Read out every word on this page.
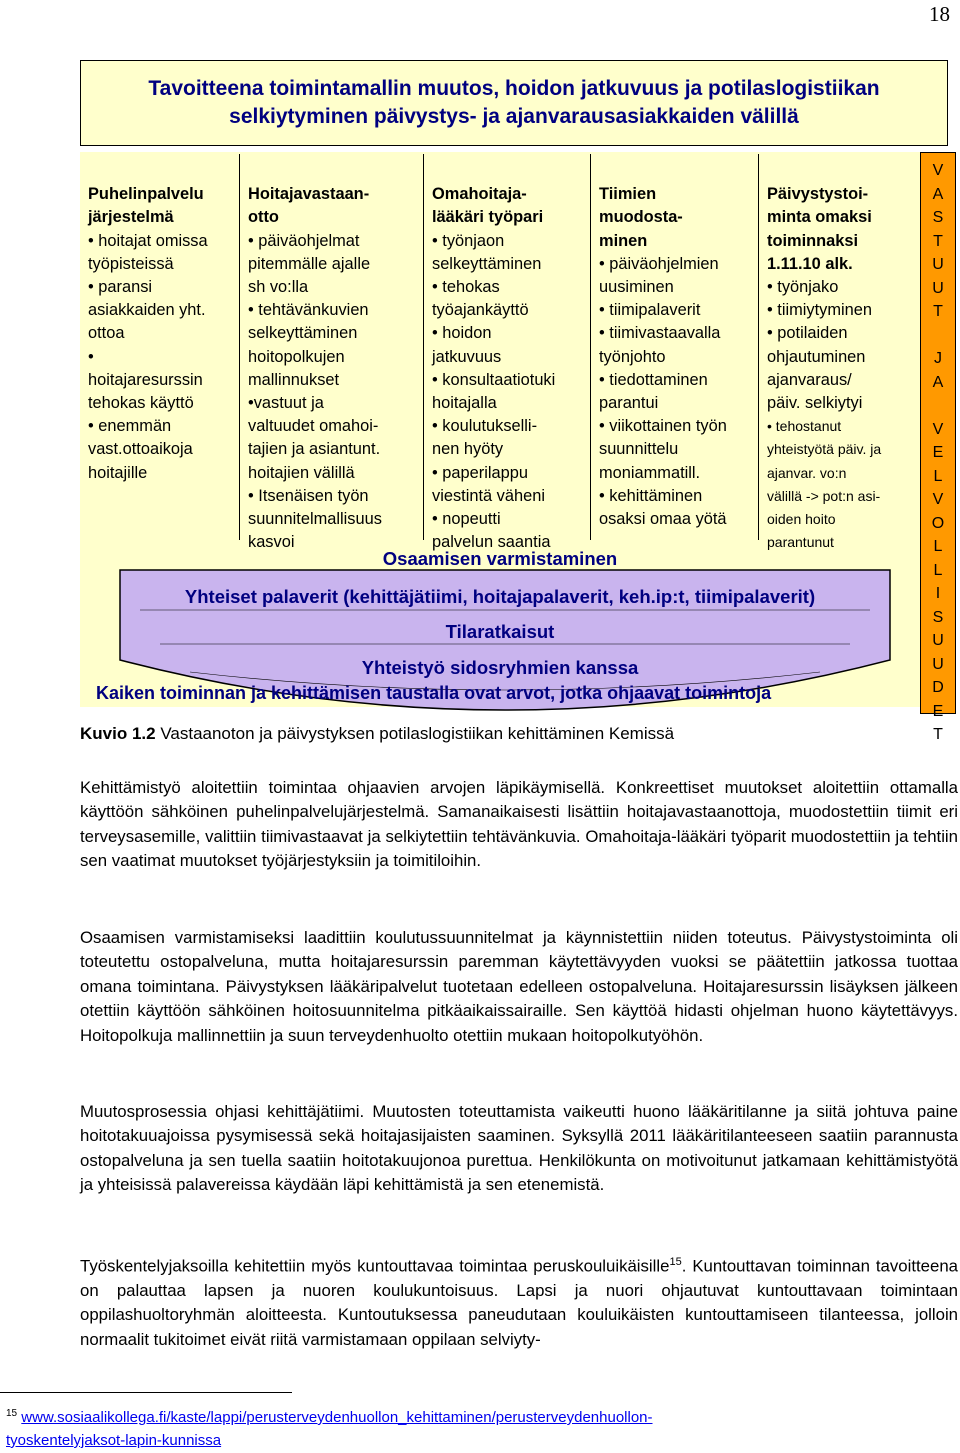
18
Tavoitteena toimintamallin muutos, hoidon jatkuvuus ja potilaslogistiikan
selkiytyminen päivystys- ja ajanvarausasiakkaiden välillä

Puhelinpalvelu
järjestelmä
• hoitajat omissa
työpisteissä
• paransi
asiakkaiden yht.
ottoa
•
hoitajaresurssin
tehokas käyttö
• enemmän
vast.ottoaikoja
hoitajille

Hoitajavastaan-
otto
• päiväohjelmat
pitemmälle ajalle
sh vo:lla
• tehtävänkuvien
selkeyttäminen
hoitopolkujen
mallinnukset
•vastuut ja
valtuudet omahoi-
tajien ja asiantunt.
hoitajien välillä
• Itsenäisen työn
suunnitelmallisuus
kasvoi

Omahoitaja-
lääkäri työpari
• työnjaon
selkeyttäminen
• tehokas
työajankäyttö
• hoidon
jatkuvuus
• konsultaatiotuki
hoitajalla
• koulutukselli-
nen hyöty
• paperilappu
viestintä väheni
• nopeutti
palvelun saantia

Tiimien
muodosta-
minen
• päiväohjelmien
uusiminen
• tiimipalaverit
• tiimivastaavalla
työnjohto
• tiedottaminen
parantui
• viikottainen työn
suunnittelu
moniammatill.
• kehittäminen
osaksi omaa yötä

Päivystystoi-
minta omaksi
toiminnaksi
1.11.10 alk.
• työnjako
• tiimiytyminen
• potilaiden
ohjautuminen
ajanvaraus/
päiv. selkiytyi
• tehostanut
yhteistyötä päiv. ja
ajanvar. vo:n
välillä -> pot:n asi-
oiden hoito
parantunut

Osaamisen varmistaminen
Yhteiset palaverit (kehittäjätiimi, hoitajapalaverit, keh.ip:t, tiimipalaverit)
Tilaratkaisut
Yhteistyö sidosryhmien kanssa
Kaiken toiminnan ja kehittämisen taustalla ovat arvot, jotka ohjaavat toimintoja
V
A
S
T
U
U
T

J
A

V
E
L
V
O
L
L
I
S
U
U
D
E
T
Kuvio 1.2 Vastaanoton ja päivystyksen potilaslogistiikan kehittäminen Kemissä
Kehittämistyö aloitettiin toimintaa ohjaavien arvojen läpikäymisellä. Konkreettiset muutokset aloitettiin ottamalla käyttöön sähköinen puhelinpalvelujärjestelmä. Samanaikaisesti lisättiin hoitajavastaanottoja, muodostettiin tiimit eri terveysasemille, valittiin tiimivastaavat ja selkiytettiin tehtävänkuvia. Omahoitaja-lääkäri työparit muodostettiin ja tehtiin sen vaatimat muutokset työjärjestyksiin ja toimitiloihin.
Osaamisen varmistamiseksi laadittiin koulutussuunnitelmat ja käynnistettiin niiden toteutus. Päivystystoiminta oli toteutettu ostopalveluna, mutta hoitajaresurssin paremman käytettävyyden vuoksi se päätettiin jatkossa tuottaa omana toimintana. Päivystyksen lääkäripalvelut tuotetaan edelleen ostopalveluna. Hoitajaresurssin lisäyksen jälkeen otettiin käyttöön sähköinen hoitosuunnitelma pitkäaikaissairaille. Sen käyttöä hidasti ohjelman huono käytettävyys. Hoitopolkuja mallinnettiin ja suun terveydenhuolto otettiin mukaan hoitopolkutyöhön.
Muutosprosessia ohjasi kehittäjätiimi. Muutosten toteuttamista vaikeutti huono lääkäritilanne ja siitä johtuva paine hoitotakuuajoissa pysymisessä sekä hoitajasijaisten saaminen. Syksyllä 2011 lääkäritilanteeseen saatiin parannusta ostopalveluna ja sen tuella saatiin hoitotakuujonoa purettua. Henkilökunta on motivoitunut jatkamaan kehittämistyötä ja yhteisissä palavereissa käydään läpi kehittämistä ja sen etenemistä.
Työskentelyjaksoilla kehitettiin myös kuntouttavaa toimintaa peruskouluikäisille$^{15}$. Kuntouttavan toiminnan tavoitteena on palauttaa lapsen ja nuoren koulukuntoisuus. Lapsi ja nuori ohjautuvat kuntouttavaan toimintaan oppilashuoltoryhmän aloitteesta. Kuntoutuksessa paneudutaan kouluikäisten kuntouttamiseen tilanteessa, jolloin normaalit tukitoimet eivät riitä varmistamaan oppilaan selviyty-
$^{15}$ www.sosiaalikollega.fi/kaste/lappi/perusterveydenhuollon_kehittaminen/perusterveydenhuollon-
tyoskentelyjaksot-lapin-kunnissa
